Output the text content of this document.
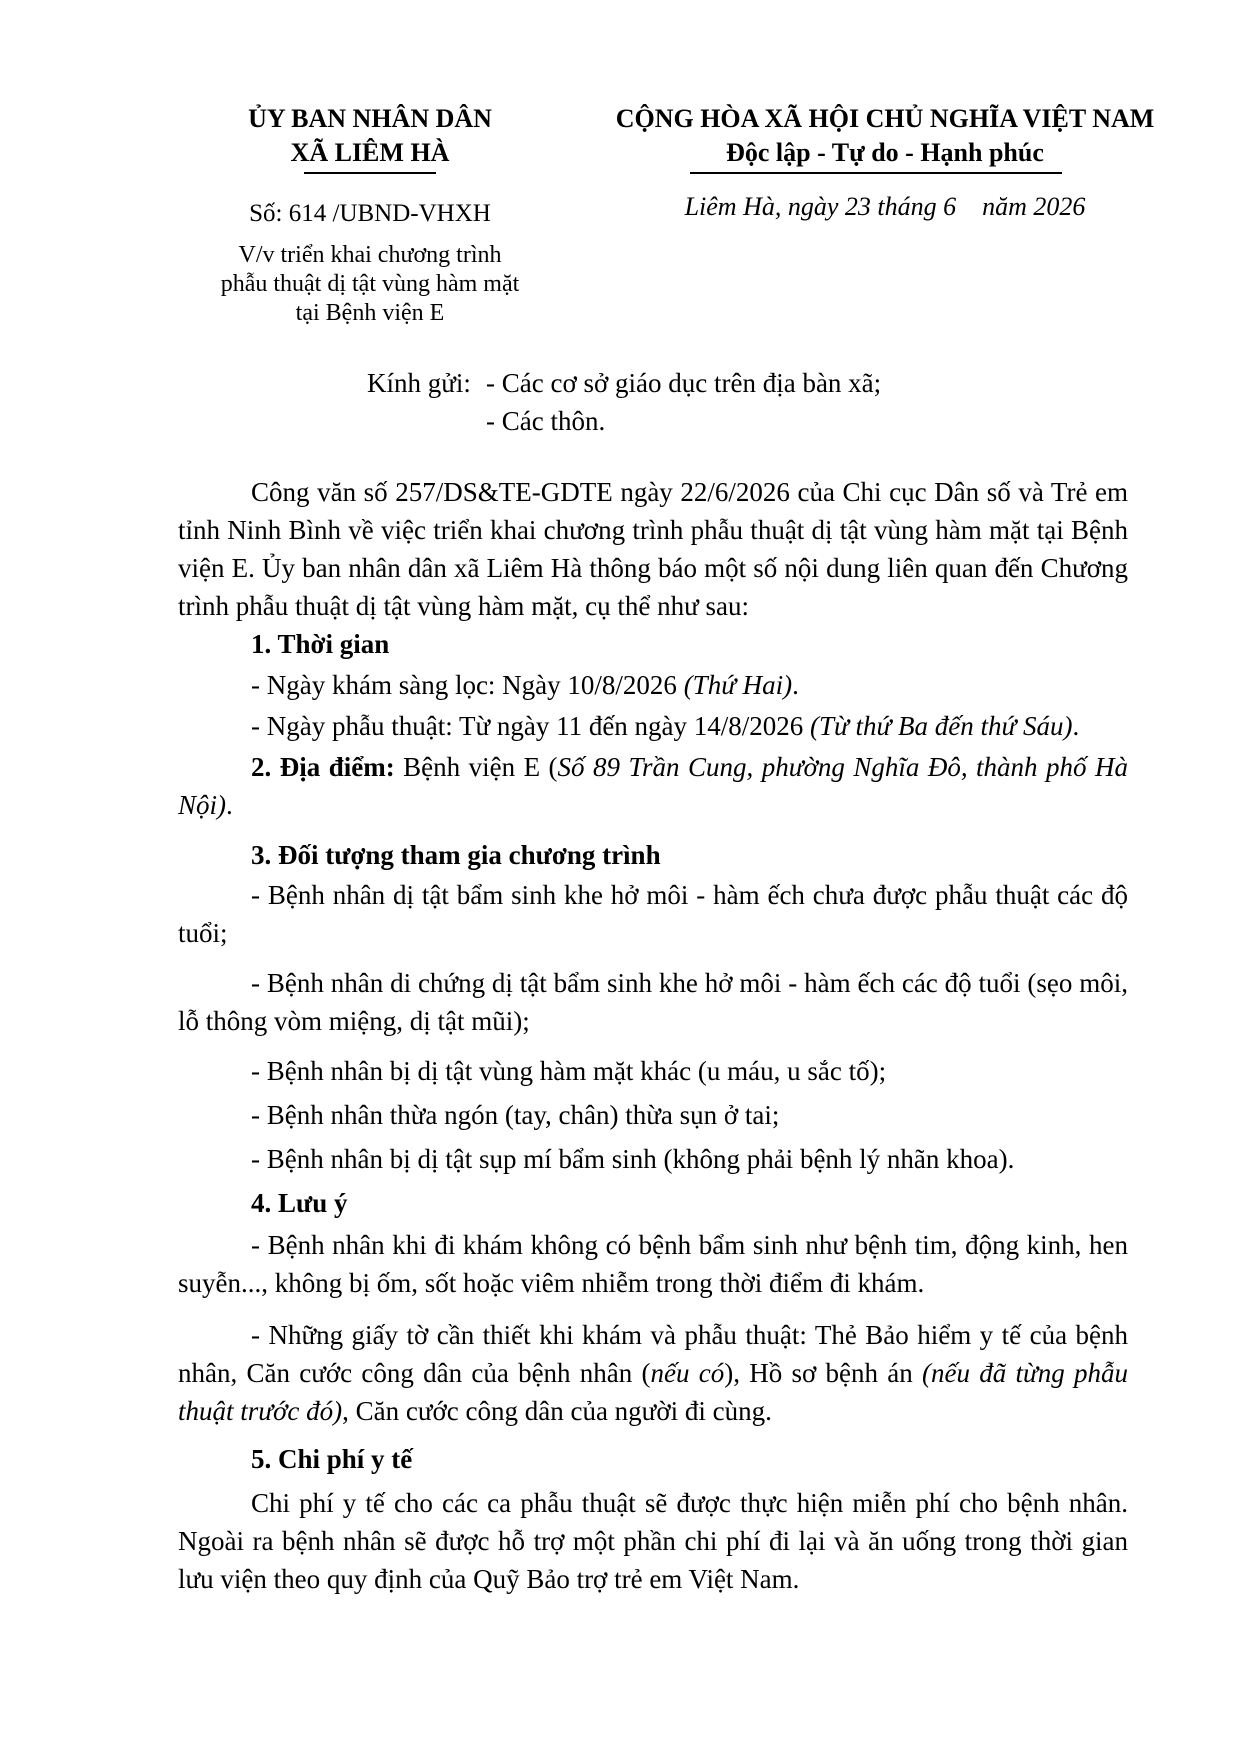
ỦY BAN NHÂN DÂN
XÃ LIÊM HÀ
Số: 614 /UBND-VHXH
V/v triển khai chương trình
phẫu thuật dị tật vùng hàm mặt
tại Bệnh viện E
CỘNG HÒA XÃ HỘI CHỦ NGHĨA VIỆT NAM
Độc lập - Tự do - Hạnh phúc
Liêm Hà, ngày 23 tháng 6    năm 2026
Kính gửi: - Các cơ sở giáo dục trên địa bàn xã;
- Các thôn.
Công văn số 257/DS&TE-GDTE ngày 22/6/2026 của Chi cục Dân số và Trẻ em tỉnh Ninh Bình về việc triển khai chương trình phẫu thuật dị tật vùng hàm mặt tại Bệnh viện E. Ủy ban nhân dân xã Liêm Hà thông báo một số nội dung liên quan đến Chương trình phẫu thuật dị tật vùng hàm mặt, cụ thể như sau:
1. Thời gian
- Ngày khám sàng lọc: Ngày 10/8/2026 (Thứ Hai).
- Ngày phẫu thuật: Từ ngày 11 đến ngày 14/8/2026 (Từ thứ Ba đến thứ Sáu).
2. Địa điểm: Bệnh viện E (Số 89 Trần Cung, phường Nghĩa Đô, thành phố Hà Nội).
3. Đối tượng tham gia chương trình
- Bệnh nhân dị tật bẩm sinh khe hở môi - hàm ếch chưa được phẫu thuật các độ tuổi;
- Bệnh nhân di chứng dị tật bẩm sinh khe hở môi - hàm ếch các độ tuổi (sẹo môi, lỗ thông vòm miệng, dị tật mũi);
- Bệnh nhân bị dị tật vùng hàm mặt khác (u máu, u sắc tố);
- Bệnh nhân thừa ngón (tay, chân) thừa sụn ở tai;
- Bệnh nhân bị dị tật sụp mí bẩm sinh (không phải bệnh lý nhãn khoa).
4. Lưu ý
- Bệnh nhân khi đi khám không có bệnh bẩm sinh như bệnh tim, động kinh, hen suyễn..., không bị ốm, sốt hoặc viêm nhiễm trong thời điểm đi khám.
- Những giấy tờ cần thiết khi khám và phẫu thuật: Thẻ Bảo hiểm y tế của bệnh nhân, Căn cước công dân của bệnh nhân (nếu có), Hồ sơ bệnh án (nếu đã từng phẫu thuật trước đó), Căn cước công dân của người đi cùng.
5. Chi phí y tế
Chi phí y tế cho các ca phẫu thuật sẽ được thực hiện miễn phí cho bệnh nhân. Ngoài ra bệnh nhân sẽ được hỗ trợ một phần chi phí đi lại và ăn uống trong thời gian lưu viện theo quy định của Quỹ Bảo trợ trẻ em Việt Nam.
